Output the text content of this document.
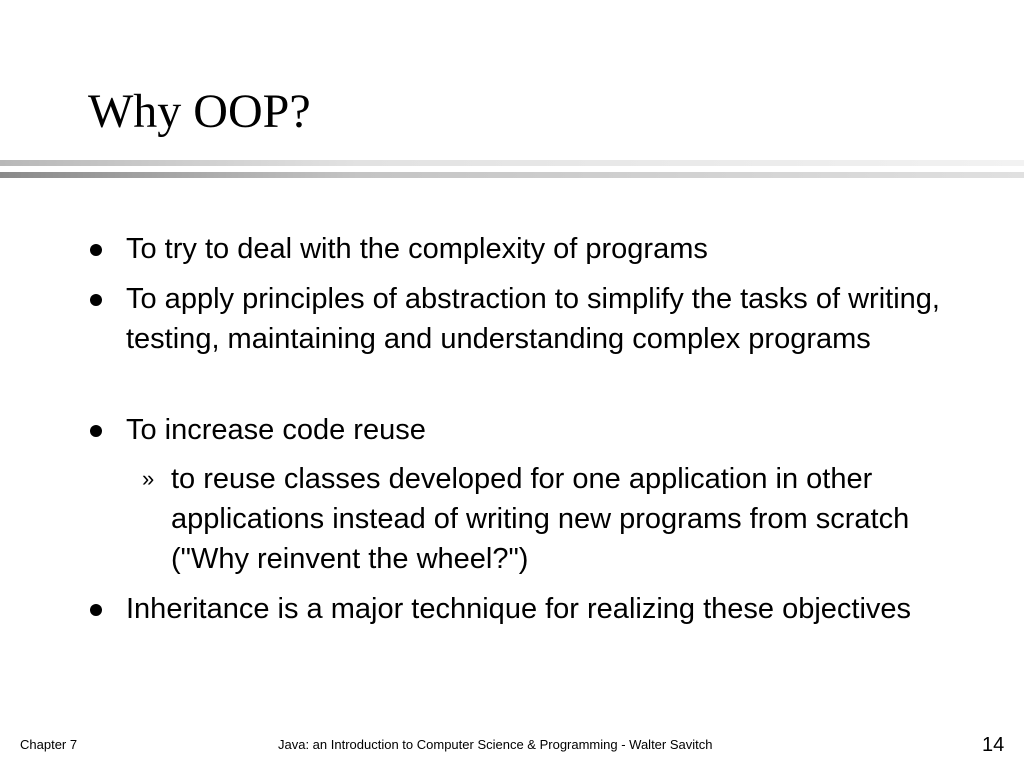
Why OOP?
To try to deal with the complexity of programs
To apply principles of abstraction to simplify the tasks of writing, testing, maintaining and understanding complex programs
To increase code reuse
» to reuse classes developed for one application in other applications instead of writing new programs from scratch ("Why reinvent the wheel?")
Inheritance is a major technique for realizing these objectives
Chapter 7	Java: an Introduction to Computer Science & Programming - Walter Savitch	14
